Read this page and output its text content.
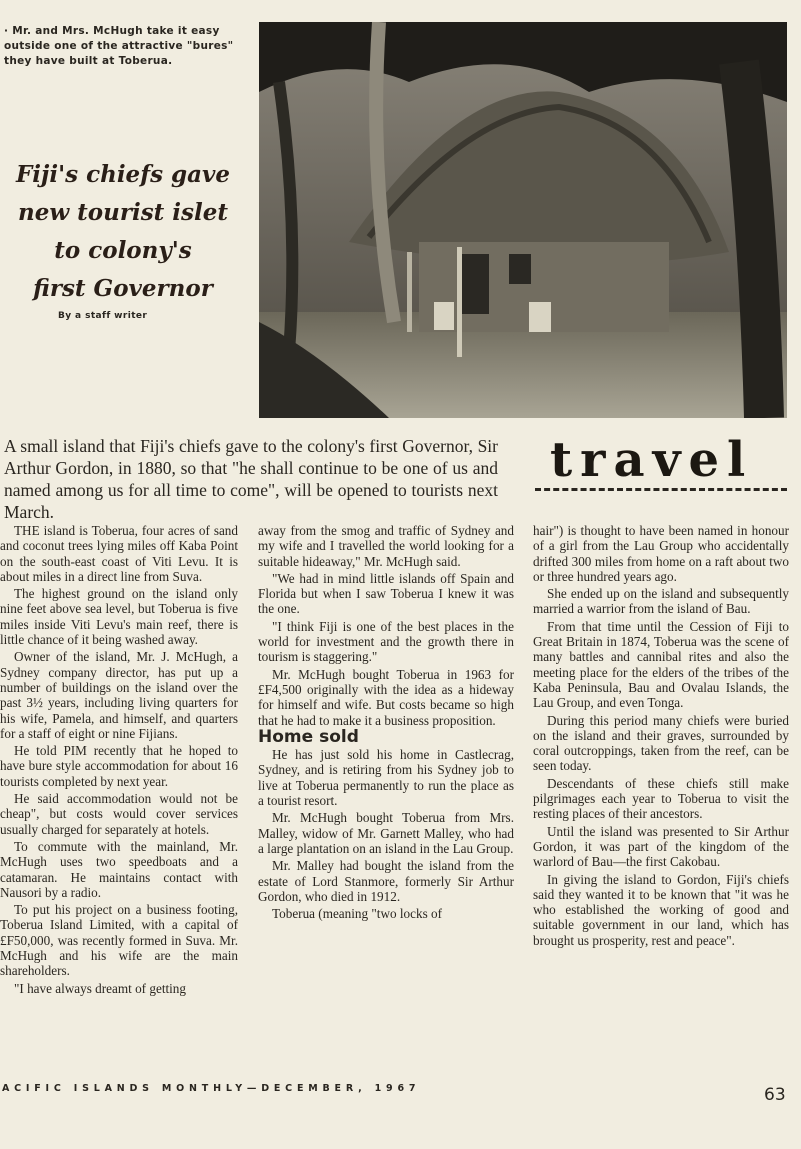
· Mr. and Mrs. McHugh take it easy outside one of the attractive "bures" they have built at Toberua.
Fiji's chiefs gave
new tourist islet
to colony's
first Governor
By a staff writer

A small island that Fiji's chiefs gave to the colony's first Governor, Sir Arthur Gordon, in 1880, so that "he shall continue to be one of us and named among us for all time to come", will be opened to tourists next March.

travel

THE island is Toberua, four acres of sand and coconut trees lying miles off Kaba Point on the south-east coast of Viti Levu. It is about miles in a direct line from Suva.

The highest ground on the island only nine feet above sea level, but Toberua is five miles inside Viti Levu's main reef, there is little chance of it being washed away.

Owner of the island, Mr. J. McHugh, a Sydney company director, has put up a number of buildings on the island over the past 3½ years, including living quarters for his wife, Pamela, and himself, and quarters for a staff of eight or nine Fijians.

He told PIM recently that he hoped to have bure style accommodation for about 16 tourists completed by next year.

He said accommodation would not be cheap", but costs would cover services usually charged for separately at hotels.

To commute with the mainland, Mr. McHugh uses two speedboats and a catamaran. He maintains contact with Nausori by a radio.

To put his project on a business footing, Toberua Island Limited, with a capital of £F50,000, was recently formed in Suva. Mr. McHugh and his wife are the main shareholders.

"I have always dreamt of getting

away from the smog and traffic of Sydney and my wife and I travelled the world looking for a suitable hideaway," Mr. McHugh said.

"We had in mind little islands off Spain and Florida but when I saw Toberua I knew it was the one.

"I think Fiji is one of the best places in the world for investment and the growth there in tourism is staggering."

Mr. McHugh bought Toberua in 1963 for £F4,500 originally with the idea as a hideway for himself and wife. But costs became so high that he had to make it a business proposition.

Home sold

He has just sold his home in Castlecrag, Sydney, and is retiring from his Sydney job to live at Toberua permanently to run the place as a tourist resort.

Mr. McHugh bought Toberua from Mrs. Malley, widow of Mr. Garnett Malley, who had a large plantation on an island in the Lau Group.

Mr. Malley had bought the island from the estate of Lord Stanmore, formerly Sir Arthur Gordon, who died in 1912.

Toberua (meaning "two locks of

hair") is thought to have been named in honour of a girl from the Lau Group who accidentally drifted 300 miles from home on a raft about two or three hundred years ago.

She ended up on the island and subsequently married a warrior from the island of Bau.

From that time until the Cession of Fiji to Great Britain in 1874, Toberua was the scene of many battles and cannibal rites and also the meeting place for the elders of the tribes of the Kaba Peninsula, Bau and Ovalau Islands, the Lau Group, and even Tonga.

During this period many chiefs were buried on the island and their graves, surrounded by coral outcroppings, taken from the reef, can be seen today.

Descendants of these chiefs still make pilgrimages each year to Toberua to visit the resting places of their ancestors.

Until the island was presented to Sir Arthur Gordon, it was part of the kingdom of the warlord of Bau—the first Cakobau.

In giving the island to Gordon, Fiji's chiefs said they wanted it to be known that "it was he who established the working of good and suitable government in our land, which has brought us prosperity, rest and peace".

ACIFIC ISLANDS MONTHLY—DECEMBER, 1967	63
